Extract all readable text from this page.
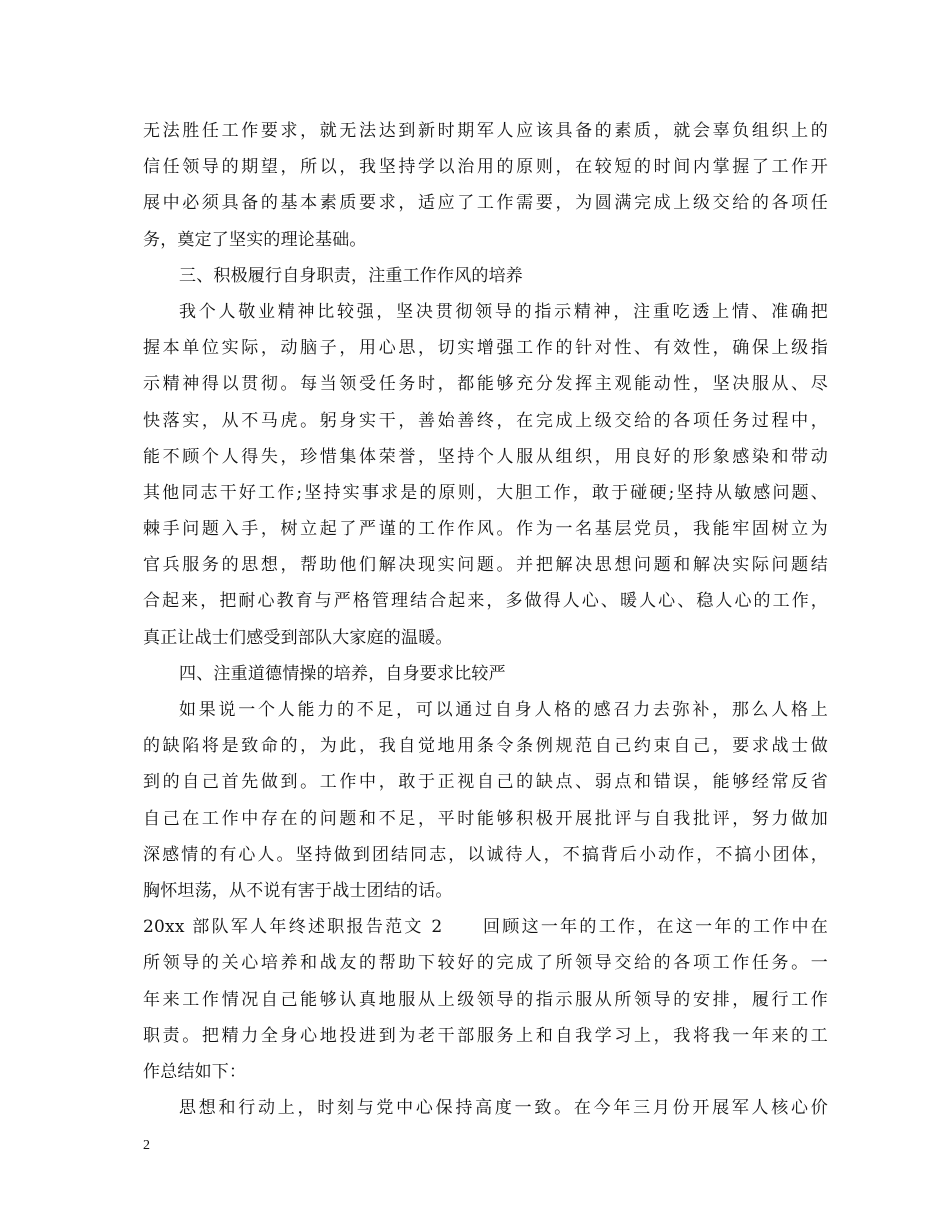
无法胜任工作要求，就无法达到新时期军人应该具备的素质，就会辜负组织上的
信任领导的期望，所以，我坚持学以治用的原则，在较短的时间内掌握了工作开
展中必须具备的基本素质要求，适应了工作需要，为圆满完成上级交给的各项任
务，奠定了坚实的理论基础。
三、积极履行自身职责，注重工作作风的培养
我个人敬业精神比较强，坚决贯彻领导的指示精神，注重吃透上情、准确把
握本单位实际，动脑子，用心思，切实增强工作的针对性、有效性，确保上级指
示精神得以贯彻。每当领受任务时，都能够充分发挥主观能动性，坚决服从、尽
快落实，从不马虎。躬身实干，善始善终，在完成上级交给的各项任务过程中，
能不顾个人得失，珍惜集体荣誉，坚持个人服从组织，用良好的形象感染和带动
其他同志干好工作;坚持实事求是的原则，大胆工作，敢于碰硬;坚持从敏感问题、
棘手问题入手，树立起了严谨的工作作风。作为一名基层党员，我能牢固树立为
官兵服务的思想，帮助他们解决现实问题。并把解决思想问题和解决实际问题结
合起来，把耐心教育与严格管理结合起来，多做得人心、暖人心、稳人心的工作，
真正让战士们感受到部队大家庭的温暖。
四、注重道德情操的培养，自身要求比较严
如果说一个人能力的不足，可以通过自身人格的感召力去弥补，那么人格上
的缺陷将是致命的，为此，我自觉地用条令条例规范自己约束自己，要求战士做
到的自己首先做到。工作中，敢于正视自己的缺点、弱点和错误，能够经常反省
自己在工作中存在的问题和不足，平时能够积极开展批评与自我批评，努力做加
深感情的有心人。坚持做到团结同志，以诚待人，不搞背后小动作，不搞小团体，
胸怀坦荡，从不说有害于战士团结的话。
20xx 部队军人年终述职报告范文 2　　回顾这一年的工作，在这一年的工作中在
所领导的关心培养和战友的帮助下较好的完成了所领导交给的各项工作任务。一
年来工作情况自己能够认真地服从上级领导的指示服从所领导的安排，履行工作
职责。把精力全身心地投进到为老干部服务上和自我学习上，我将我一年来的工
作总结如下：
思想和行动上，时刻与党中心保持高度一致。在今年三月份开展军人核心价
2
